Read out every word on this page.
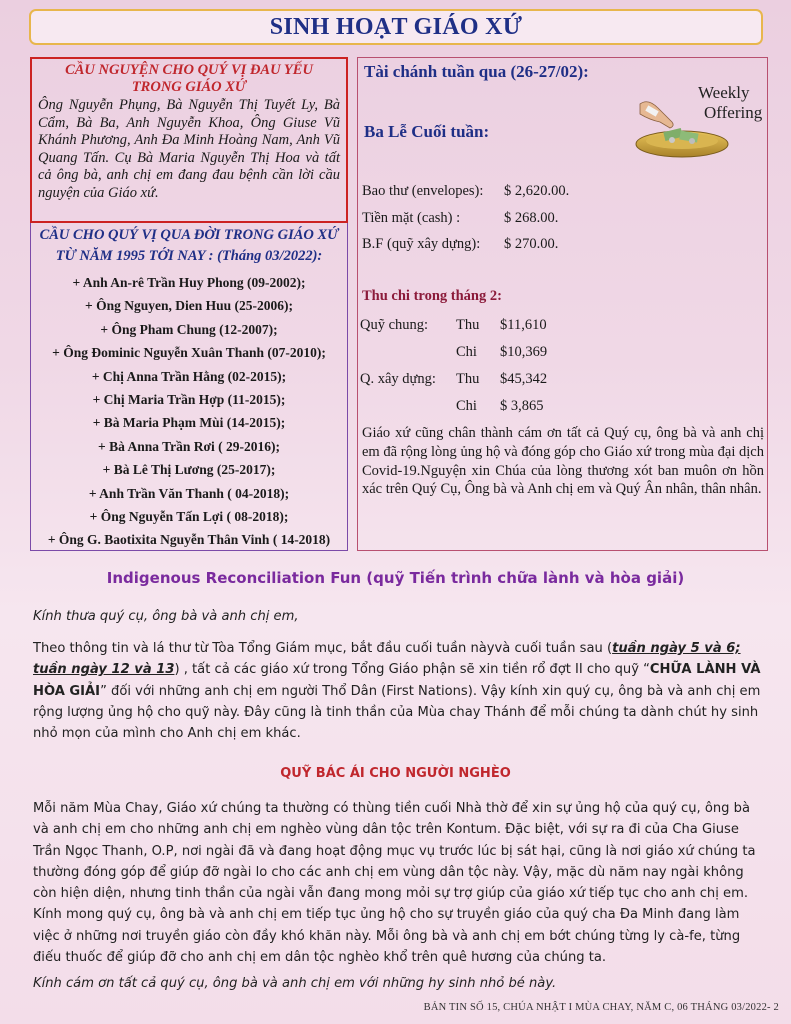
SINH HOẠT GIÁO XỨ
CẦU NGUYỆN CHO QUÝ VỊ ĐAU YẾU
TRONG GIÁO XỨ
Ông Nguyễn Phụng, Bà Nguyễn Thị Tuyết Ly, Bà Cẩm, Bà Ba, Anh Nguyễn Khoa, Ông Giuse Vũ Khánh Phương, Anh Đa Minh Hoàng Nam, Anh Vũ Quang Tấn. Cụ Bà Maria Nguyễn Thị Hoa và tất cả ông bà, anh chị em đang đau bệnh cần lời cầu nguyện của Giáo xứ.
CẦU CHO QUÝ VỊ QUA ĐỜI TRONG GIÁO XỨ
TỪ NĂM 1995 TỚI NAY : (Tháng 03/2022):
+ Anh An-rê Trần Huy Phong (09-2002);
+ Ông Nguyen, Dien Huu (25-2006);
+ Ông Pham Chung (12-2007);
+ Ông Đominic Nguyễn Xuân Thanh (07-2010);
+ Chị Anna Trần Hằng (02-2015);
+ Chị Maria Trần Hợp (11-2015);
+ Bà Maria Phạm Mùi (14-2015);
+ Bà Anna Trần Rơi ( 29-2016);
+ Bà Lê Thị Lương (25-2017);
+ Anh Trần Văn Thanh ( 04-2018);
+ Ông Nguyễn Tấn Lợi ( 08-2018);
+ Ông G. Baotixita Nguyễn Thân Vinh ( 14-2018)
Tài chánh tuần qua (26-27/02):
Ba Lễ Cuối tuần:
Weekly
Offering
Bao thư (envelopes): $ 2,620.00.
Tiền mặt (cash) :	$ 268.00.
B.F (quỹ xây dựng):$ 270.00.
Thu chi trong tháng 2:
Quỹ chung:	Thu	$11,610
	Chi	$10,369
Q. xây dựng:	Thu	$45,342
	Chi	$ 3,865
Giáo xứ cũng chân thành cám ơn tất cả Quý cụ, ông bà và anh chị em đã rộng lòng ủng hộ và đóng góp cho Giáo xứ trong mùa đại dịch Covid-19.Nguyện xin Chúa của lòng thương xót ban muôn ơn hồn xác trên Quý Cụ, Ông bà và Anh chị em và Quý Ân nhân, thân nhân.
Indigenous Reconciliation Fun (quỹ Tiến trình chữa lành và hòa giải)

Kính thưa quý cụ, ông bà và anh chị em,

Theo thông tin và lá thư từ Tòa Tổng Giám mục, bắt đầu cuối tuần nàyvà cuối tuần sau (tuần ngày 5 và 6; tuần ngày 12 và 13) , tất cả các giáo xứ trong Tổng Giáo phận sẽ xin tiền rổ đợt II cho quỹ “CHỮA LÀNH VÀ HÒA GIẢI” đối với những anh chị em người Thổ Dân (First Nations). Vậy kính xin quý cụ, ông bà và anh chị em rộng lượng ủng hộ cho quỹ này. Đây cũng là tinh thần của Mùa chay Thánh để mỗi chúng ta dành chút hy sinh nhỏ mọn của mình cho Anh chị em khác.

QUỸ BÁC ÁI CHO NGƯỜI NGHÈO

Mỗi năm Mùa Chay, Giáo xứ chúng ta thường có thùng tiền cuối Nhà thờ để xin sự ủng hộ của quý cụ, ông bà và anh chị em cho những anh chị em nghèo vùng dân tộc trên Kontum. Đặc biệt, với sự ra đi của Cha Giuse Trần Ngọc Thanh, O.P, nơi ngài đã và đang hoạt động mục vụ trước lúc bị sát hại, cũng là nơi giáo xứ chúng ta thường đóng góp để giúp đỡ ngài lo cho các anh chị em vùng dân tộc này. Vậy, mặc dù năm nay ngài không còn hiện diện, nhưng tinh thần của ngài vẫn đang mong mỏi sự trợ giúp của giáo xứ tiếp tục cho anh chị em. Kính mong quý cụ, ông bà và anh chị em tiếp tục ủng hộ cho sự truyền giáo của quý cha Đa Minh đang làm việc ở những nơi truyền giáo còn đầy khó khăn này. Mỗi ông bà và anh chị em bớt chúng từng ly cà-fe, từng điếu thuốc để giúp đỡ cho anh chị em dân tộc nghèo khổ trên quê hương của chúng ta.

Kính cám ơn tất cả quý cụ, ông bà và anh chị em với những hy sinh nhỏ bé này.

BẢN TIN SỐ 15, CHÚA NHẬT I MÙA CHAY, NĂM C, 06 THÁNG 03/2022- 2
